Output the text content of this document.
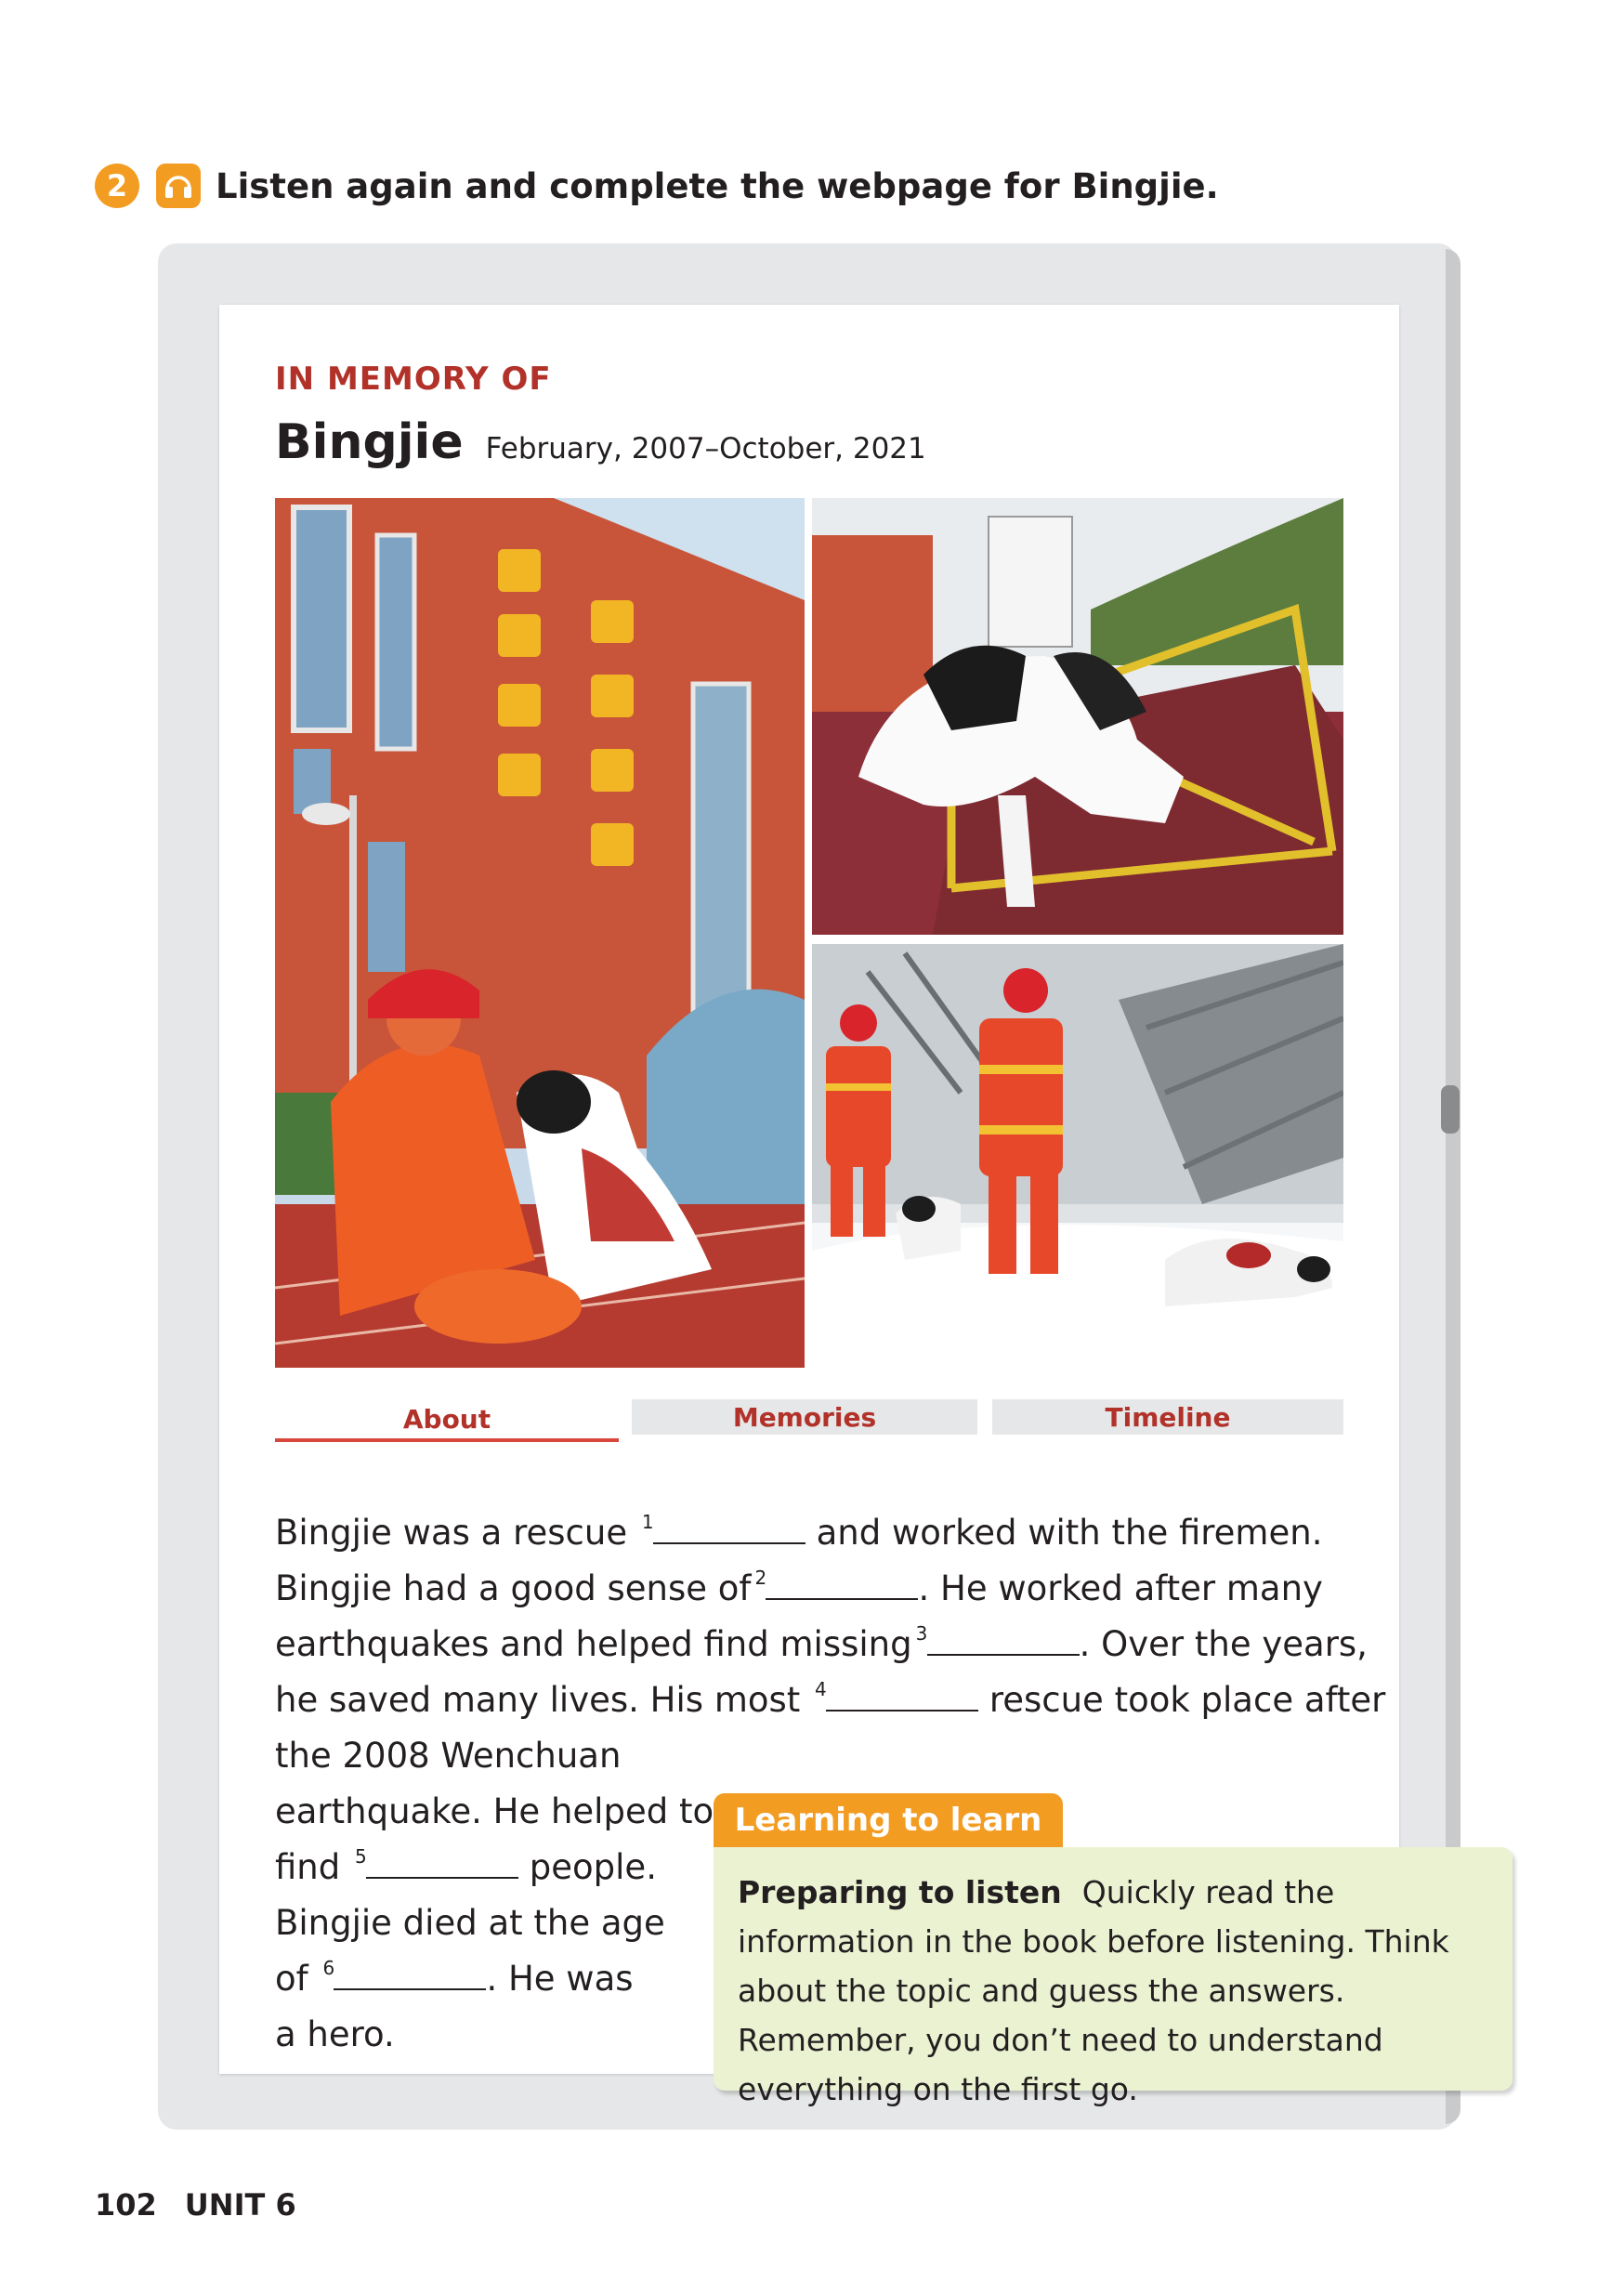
2	Listen again and complete the webpage for Bingjie.
IN MEMORY OF
Bingjie February, 2007–October, 2021
About	Memories	Timeline
Bingjie was a rescue 1	and worked with the firemen.
Bingjie had a good sense of 2	. He worked after many
earthquakes and helped find missing 3	. Over the years,
he saved many lives. His most 4	rescue took place after
the 2008 Wenchuan
earthquake. He helped to
find 5	people.
Bingjie died at the age
of 6	. He was
a hero.
Learning to learn
Preparing to listen Quickly read the information in the book before listening. Think about the topic and guess the answers. Remember, you don’t need to understand everything on the first go.
102 UNIT 6
